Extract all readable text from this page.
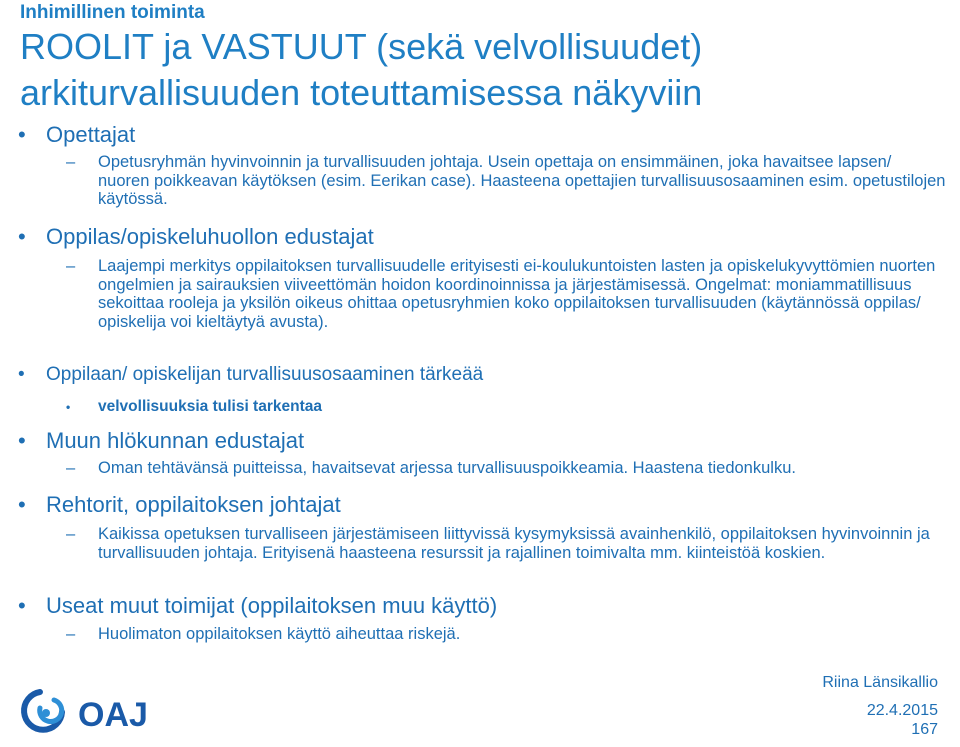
Inhimillinen toiminta
ROOLIT ja VASTUUT (sekä velvollisuudet) arkiturvallisuuden toteuttamisessa näkyviin
• Opettajat
– Opetusryhmän hyvinvoinnin ja turvallisuuden johtaja. Usein opettaja on ensimmäinen, joka havaitsee lapsen/ nuoren poikkeavan käytöksen (esim. Eerikan case). Haasteena opettajien turvallisuusosaaminen esim. opetustilojen käytössä.
• Oppilas/opiskeluhuollon edustajat
– Laajempi merkitys oppilaitoksen turvallisuudelle erityisesti ei-koulukuntoisten lasten ja opiskelukyvyttömien nuorten ongelmien ja sairauksien viiveettömän hoidon koordinoinnissa ja järjestämisessä. Ongelmat: moniammatillisuus sekoittaa rooleja ja yksilön oikeus ohittaa opetusryhmien koko oppilaitoksen turvallisuuden (käytännössä oppilas/ opiskelija voi kieltäytyä avusta).
• Oppilaan/ opiskelijan turvallisuusosaaminen tärkeää
• velvollisuuksia tulisi tarkentaa
• Muun hlökunnan edustajat
– Oman tehtävänsä puitteissa, havaitsevat arjessa turvallisuuspoikkeamia. Haastena tiedonkulku.
• Rehtorit, oppilaitoksen johtajat
– Kaikissa opetuksen turvalliseen järjestämiseen liittyvissä kysymyksissä avainhenkilö, oppilaitoksen hyvinvoinnin ja turvallisuuden johtaja. Erityisenä haasteena resurssit ja rajallinen toimivalta mm. kiinteistöä koskien.
• Useat muut toimijat (oppilaitoksen muu käyttö)
– Huolimaton oppilaitoksen käyttö aiheuttaa riskejä.
OAJ
Riina Länsikallio
22.4.2015
167
